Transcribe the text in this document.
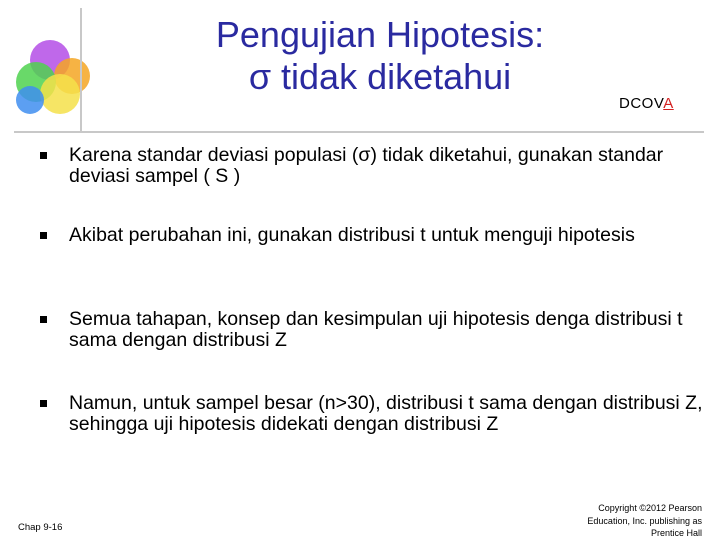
Pengujian Hipotesis:
σ tidak diketahui
DCOVA
Karena standar deviasi populasi (σ) tidak diketahui, gunakan standar deviasi sampel ( S )
Akibat perubahan ini, gunakan distribusi t untuk menguji hipotesis
Semua tahapan, konsep dan kesimpulan uji hipotesis denga distribusi t sama dengan distribusi Z
Namun, untuk sampel besar (n>30), distribusi t sama dengan distribusi Z, sehingga uji hipotesis didekati dengan distribusi Z
Chap 9-16
Copyright ©2012 Pearson
Education, Inc. publishing as
Prentice Hall
